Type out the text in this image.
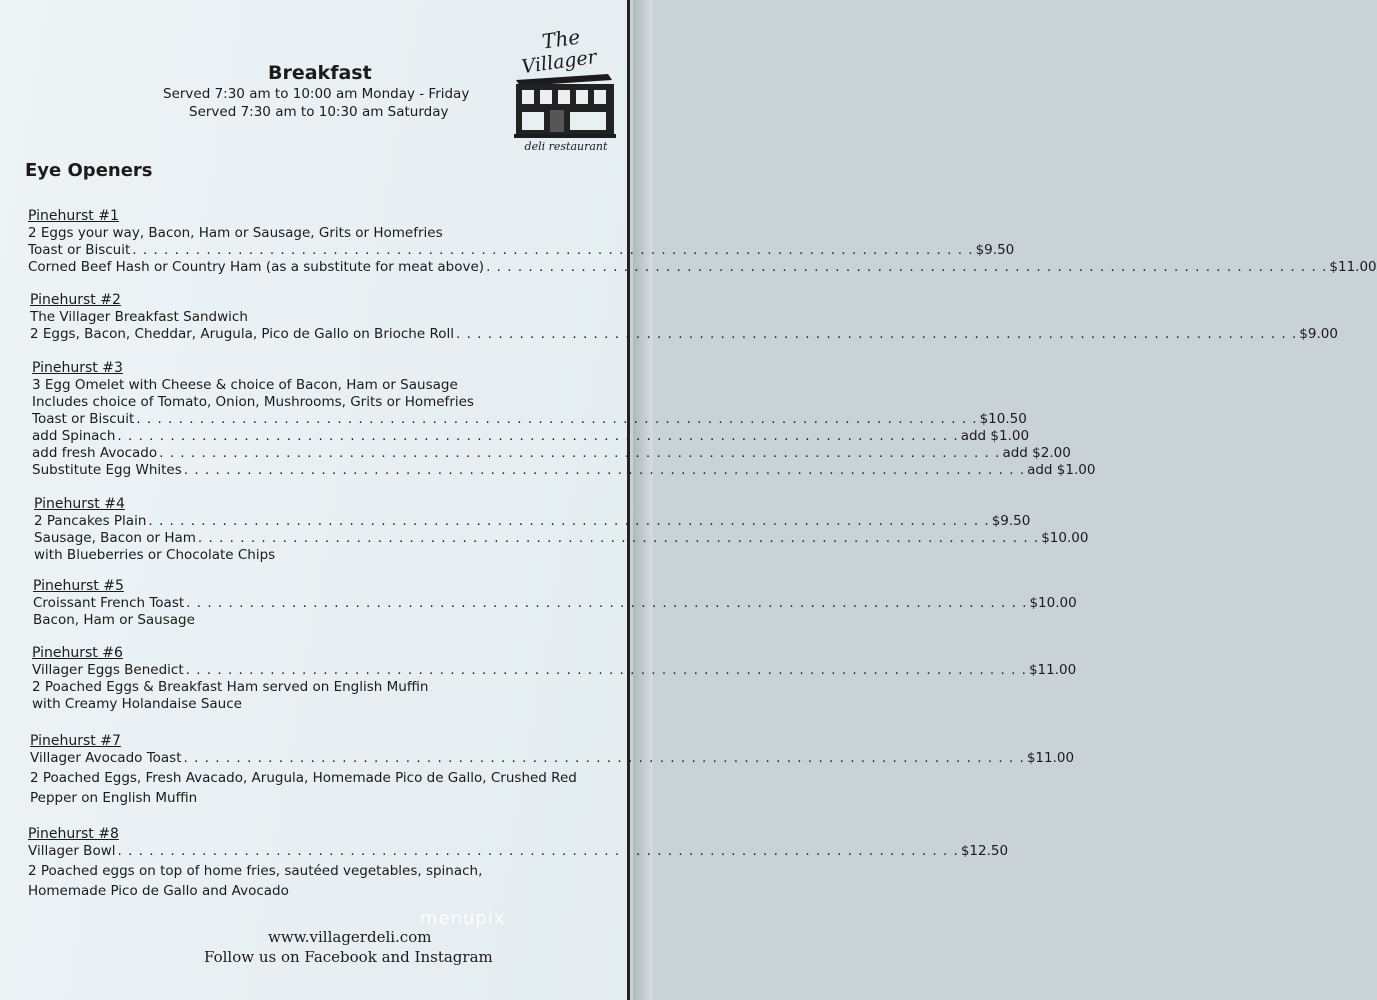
The
Villager
deli restaurant
Breakfast
Served 7:30 am to 10:00 am Monday - Friday
Served 7:30 am to 10:30 am Saturday
Eye Openers
Pinehurst #1
2 Eggs your way, Bacon, Ham or Sausage, Grits or Homefries
Toast or Biscuit . . . . . . . . . . . . . . . . . . . . . . . . . . . . . . . . . . . . . . . . . . . . . . . . . . . . . . . . . . . . . . . . . . . . . . . . . . . . . . . . $9.50
Corned Beef Hash or Country Ham (as a substitute for meat above) . . . . . . . . . . . . . . . . . . . . . . . . . . . . . . . . . . . . . . . . . . . . . . . . . . . . . . . . . . . . . . . . . . . . . . . . . . . . . . . . $11.00
Pinehurst #2
The Villager Breakfast Sandwich
2 Eggs, Bacon, Cheddar, Arugula, Pico de Gallo on Brioche Roll . . . . . . . . . . . . . . . . . . . . . . . . . . . . . . . . . . . . . . . . . . . . . . . . . . . . . . . . . . . . . . . . . . . . . . . . . . . . . . . . $9.00
Pinehurst #3
3 Egg Omelet with Cheese & choice of Bacon, Ham or Sausage
Includes choice of Tomato, Onion, Mushrooms, Grits or Homefries
Toast or Biscuit . . . . . . . . . . . . . . . . . . . . . . . . . . . . . . . . . . . . . . . . . . . . . . . . . . . . . . . . . . . . . . . . . . . . . . . . . . . . . . . . $10.50
add Spinach . . . . . . . . . . . . . . . . . . . . . . . . . . . . . . . . . . . . . . . . . . . . . . . . . . . . . . . . . . . . . . . . . . . . . . . . . . . . . . . . add $1.00
add fresh Avocado . . . . . . . . . . . . . . . . . . . . . . . . . . . . . . . . . . . . . . . . . . . . . . . . . . . . . . . . . . . . . . . . . . . . . . . . . . . . . . . . add $2.00
Substitute Egg Whites . . . . . . . . . . . . . . . . . . . . . . . . . . . . . . . . . . . . . . . . . . . . . . . . . . . . . . . . . . . . . . . . . . . . . . . . . . . . . . . . add $1.00
Pinehurst #4
2 Pancakes Plain . . . . . . . . . . . . . . . . . . . . . . . . . . . . . . . . . . . . . . . . . . . . . . . . . . . . . . . . . . . . . . . . . . . . . . . . . . . . . . . . $9.50
Sausage, Bacon or Ham . . . . . . . . . . . . . . . . . . . . . . . . . . . . . . . . . . . . . . . . . . . . . . . . . . . . . . . . . . . . . . . . . . . . . . . . . . . . . . . . $10.00
with Blueberries or Chocolate Chips
Pinehurst #5
Croissant French Toast . . . . . . . . . . . . . . . . . . . . . . . . . . . . . . . . . . . . . . . . . . . . . . . . . . . . . . . . . . . . . . . . . . . . . . . . . . . . . . . . $10.00
Bacon, Ham or Sausage
Pinehurst #6
Villager Eggs Benedict . . . . . . . . . . . . . . . . . . . . . . . . . . . . . . . . . . . . . . . . . . . . . . . . . . . . . . . . . . . . . . . . . . . . . . . . . . . . . . . . $11.00
2 Poached Eggs & Breakfast Ham served on English Muffin
with Creamy Holandaise Sauce
Pinehurst #7
Villager Avocado Toast . . . . . . . . . . . . . . . . . . . . . . . . . . . . . . . . . . . . . . . . . . . . . . . . . . . . . . . . . . . . . . . . . . . . . . . . . . . . . . . . $11.00
2 Poached Eggs, Fresh Avacado, Arugula, Homemade Pico de Gallo, Crushed Red
Pepper on English Muffin
Pinehurst #8
Villager Bowl . . . . . . . . . . . . . . . . . . . . . . . . . . . . . . . . . . . . . . . . . . . . . . . . . . . . . . . . . . . . . . . . . . . . . . . . . . . . . . . . $12.50
2 Poached eggs on top of home fries, sautéed vegetables, spinach,
Homemade Pico de Gallo and Avocado
www.villagerdeli.com
Follow us on Facebook and Instagram
menupix
